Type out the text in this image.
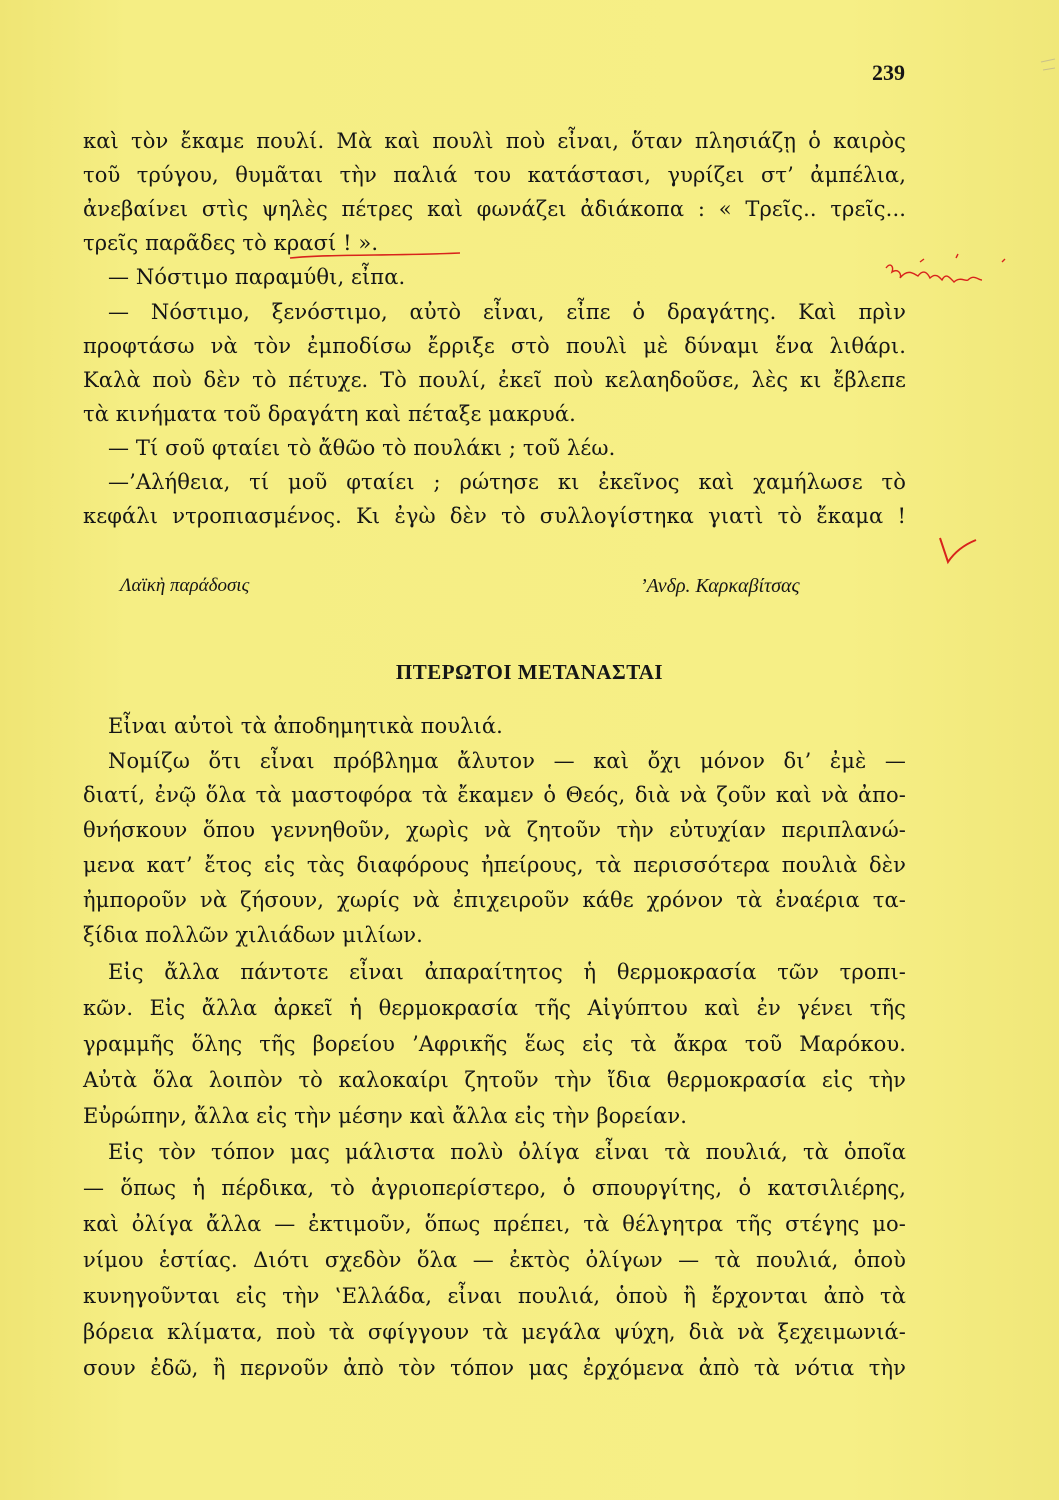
239
καὶ τὸν ἔκαμε πουλί. Μὰ καὶ πουλὶ ποὺ εἶναι, ὅταν πλησιάζῃ ὁ καιρὸς
τοῦ τρύγου, θυμᾶται τὴν παλιά του κατάστασι, γυρίζει στ’ ἀμπέλια,
ἀνεβαίνει στὶς ψηλὲς πέτρες καὶ φωνάζει ἀδιάκοπα : « Τρεῖς.. τρεῖς...
τρεῖς παρᾶδες τὸ κρασί ! ».
— Νόστιμο παραμύθι, εἶπα.
— Νόστιμο, ξενόστιμο, αὐτὸ εἶναι, εἶπε ὁ δραγάτης. Καὶ πρὶν
προφτάσω νὰ τὸν ἐμποδίσω ἔρριξε στὸ πουλὶ μὲ δύναμι ἕνα λιθάρι.
Καλὰ ποὺ δὲν τὸ πέτυχε. Τὸ πουλί, ἐκεῖ ποὺ κελαηδοῦσε, λὲς κι ἔβλεπε
τὰ κινήματα τοῦ δραγάτη καὶ πέταξε μακρυά.
— Τί σοῦ φταίει τὸ ἄθῶο τὸ πουλάκι ; τοῦ λέω.
—’Αλήθεια, τί μοῦ φταίει ; ρώτησε κι ἐκεῖνος καὶ χαμήλωσε τὸ
κεφάλι ντροπιασμένος. Κι ἐγὼ δὲν τὸ συλλογίστηκα γιατὶ τὸ ἔκαμα !
Λαϊκὴ παράδοσις	’Ανδρ. Καρκαβίτσας
ΠΤΕΡΩΤΟΙ ΜΕΤΑΝΑΣΤΑΙ
Εἶναι αὐτοὶ τὰ ἀποδημητικὰ πουλιά.
Νομίζω ὅτι εἶναι πρόβλημα ἄλυτον — καὶ ὄχι μόνον δι’ ἐμὲ —
διατί, ἐνῷ ὅλα τὰ μαστοφόρα τὰ ἔκαμεν ὁ Θεός, διὰ νὰ ζοῦν καὶ νὰ ἀπο-
θνήσκουν ὅπου γεννηθοῦν, χωρὶς νὰ ζητοῦν τὴν εὐτυχίαν περιπλανώ-
μενα κατ’ ἔτος εἰς τὰς διαφόρους ἠπείρους, τὰ περισσότερα πουλιὰ δὲν
ἠμποροῦν νὰ ζήσουν, χωρίς νὰ ἐπιχειροῦν κάθε χρόνον τὰ ἐναέρια τα-
ξίδια πολλῶν χιλιάδων μιλίων.
Εἰς ἄλλα πάντοτε εἶναι ἀπαραίτητος ἡ θερμοκρασία τῶν τροπι-
κῶν. Εἰς ἄλλα ἀρκεῖ ἡ θερμοκρασία τῆς Αἰγύπτου καὶ ἐν γένει τῆς
γραμμῆς ὅλης τῆς βορείου ’Αφρικῆς ἕως εἰς τὰ ἄκρα τοῦ Μαρόκου.
Αὐτὰ ὅλα λοιπὸν τὸ καλοκαίρι ζητοῦν τὴν ἴδια θερμοκρασία εἰς τὴν
Εὐρώπην, ἄλλα εἰς τὴν μέσην καὶ ἄλλα εἰς τὴν βορείαν.
Εἰς τὸν τόπον μας μάλιστα πολὺ ὀλίγα εἶναι τὰ πουλιά, τὰ ὁποῖα
— ὅπως ἡ πέρδικα, τὸ ἀγριοπερίστερο, ὁ σπουργίτης, ὁ κατσιλιέρης,
καὶ ὀλίγα ἄλλα — ἐκτιμοῦν, ὅπως πρέπει, τὰ θέλγητρα τῆς στέγης μο-
νίμου ἑστίας. Διότι σχεδὸν ὅλα — ἐκτὸς ὀλίγων — τὰ πουλιά, ὁποὺ
κυνηγοῦνται εἰς τὴν ‛Ελλάδα, εἶναι πουλιά, ὁποὺ ἢ ἔρχονται ἀπὸ τὰ
βόρεια κλίματα, ποὺ τὰ σφίγγουν τὰ μεγάλα ψύχη, διὰ νὰ ξεχειμωνιά-
σουν ἐδῶ, ἢ περνοῦν ἀπὸ τὸν τόπον μας ἐρχόμενα ἀπὸ τὰ νότια τὴν
